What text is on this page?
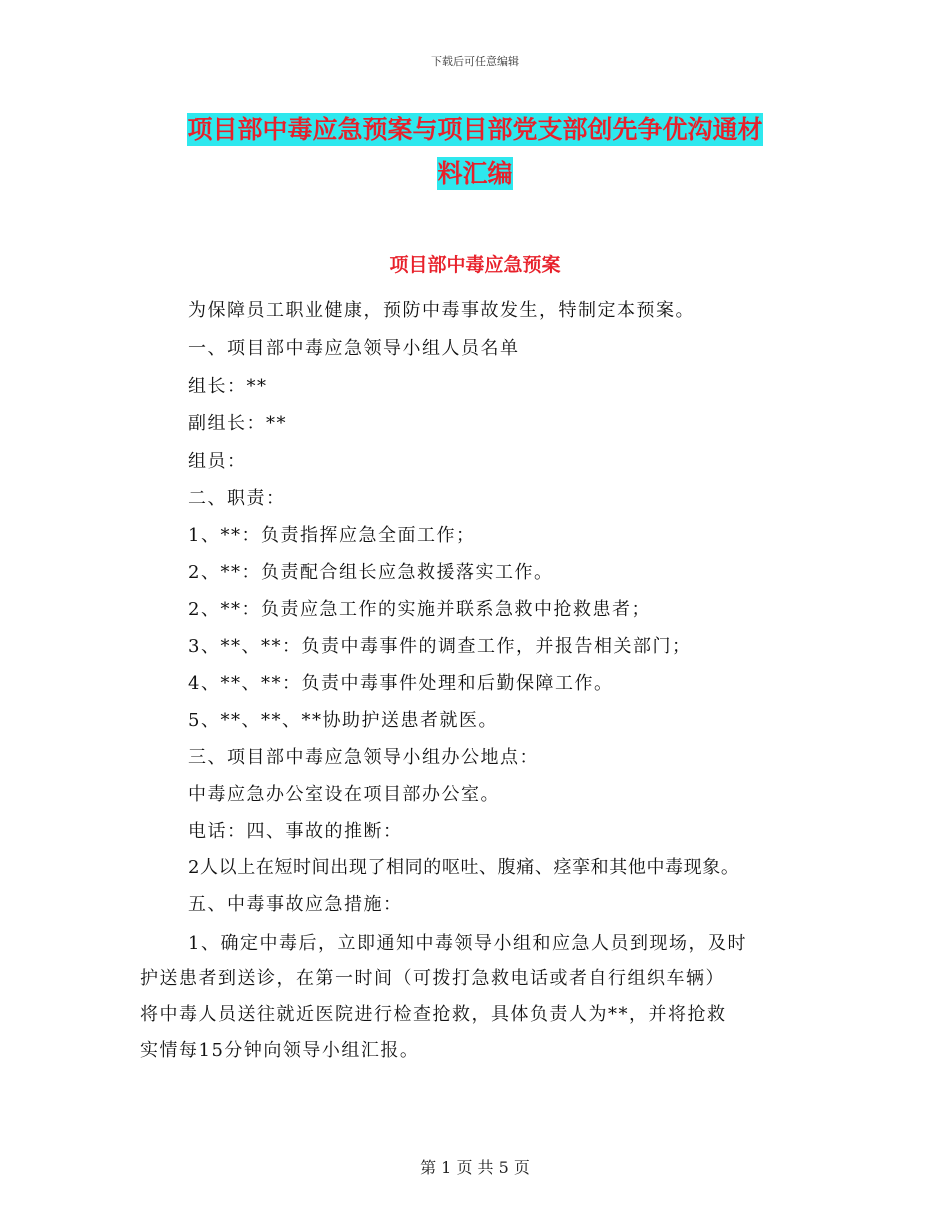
下载后可任意编辑
项目部中毒应急预案与项目部党支部创先争优沟通材
料汇编
项目部中毒应急预案
为保障员工职业健康，预防中毒事故发生，特制定本预案。
一、项目部中毒应急领导小组人员名单
组长：**
副组长：**
组员：
二、职责：
1、**：负责指挥应急全面工作；
2、**：负责配合组长应急救援落实工作。
2、**：负责应急工作的实施并联系急救中抢救患者；
3、**、**：负责中毒事件的调查工作，并报告相关部门；
4、**、**：负责中毒事件处理和后勤保障工作。
5、**、**、**协助护送患者就医。
三、项目部中毒应急领导小组办公地点：
中毒应急办公室设在项目部办公室。
电话：四、事故的推断：
2人以上在短时间出现了相同的呕吐、腹痛、痉挛和其他中毒现象。
五、中毒事故应急措施：
1、确定中毒后，立即通知中毒领导小组和应急人员到现场，及时
护送患者到送诊，在第一时间（可拨打急救电话或者自行组织车辆）
将中毒人员送往就近医院进行检查抢救，具体负责人为**，并将抢救
实情每15分钟向领导小组汇报。
第 1 页 共 5 页
